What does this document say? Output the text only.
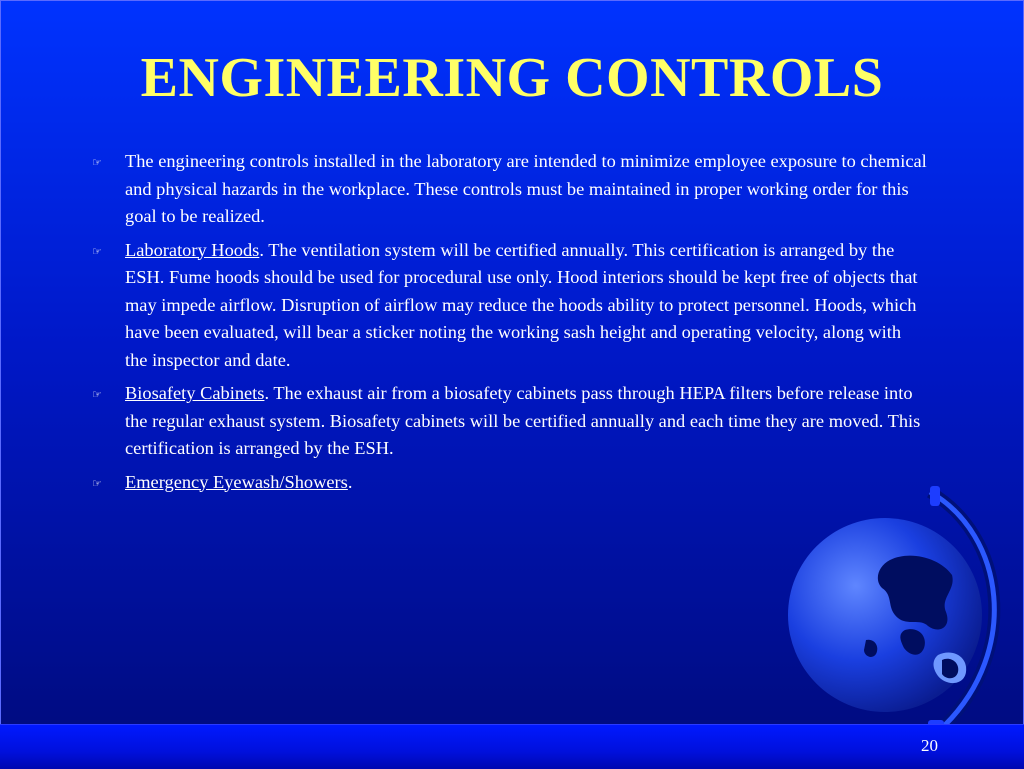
ENGINEERING CONTROLS
☞ The engineering controls installed in the laboratory are intended to minimize employee exposure to chemical and physical hazards in the workplace. These controls must be maintained in proper working order for this goal to be realized.
☞ Laboratory Hoods. The ventilation system will be certified annually. This certification is arranged by the ESH. Fume hoods should be used for procedural use only. Hood interiors should be kept free of objects that may impede airflow. Disruption of airflow may reduce the hoods ability to protect personnel. Hoods, which have been evaluated, will bear a sticker noting the working sash height and operating velocity, along with the inspector and date.
☞ Biosafety Cabinets. The exhaust air from a biosafety cabinets pass through HEPA filters before release into the regular exhaust system. Biosafety cabinets will be certified annually and each time they are moved. This certification is arranged by the ESH.
☞ Emergency Eyewash/Showers.
20
